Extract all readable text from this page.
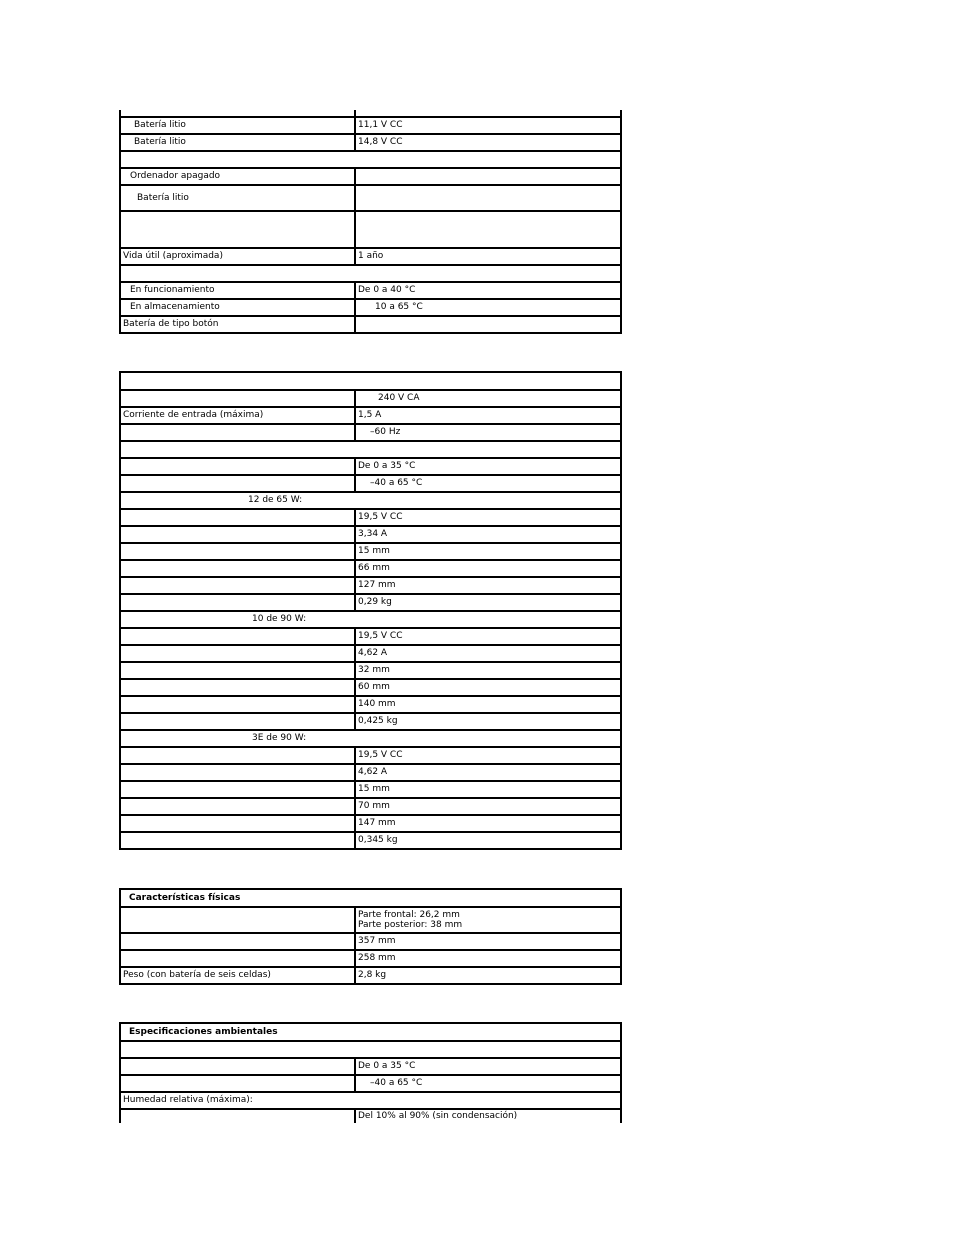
Batería litio	11,1 V CC
Batería litio	14,8 V CC

Ordenador apagado	
Batería litio	

Vida útil (aproximada)	1 año

En funcionamiento	De 0 a 40 °C
En almacenamiento	10 a 65 °C
Batería de tipo botón	

	240 V CA
Corriente de entrada (máxima)	1,5 A
	–60 Hz

	De 0 a 35 °C
	–40 a 65 °C
12 de 65 W:	
	19,5 V CC
	3,34 A
	15 mm
	66 mm
	127 mm
	0,29 kg
10 de 90 W:	
	19,5 V CC
	4,62 A
	32 mm
	60 mm
	140 mm
	0,425 kg
3E de 90 W:	
	19,5 V CC
	4,62 A
	15 mm
	70 mm
	147 mm
	0,345 kg
Características físicas	

	Parte frontal: 26,2 mm
Parte posterior: 38 mm

	357 mm
	258 mm
Peso (con batería de seis celdas)	2,8 kg
Especificaciones ambientales	

	De 0 a 35 °C
	–40 a 65 °C
Humedad relativa (máxima):	
	Del 10% al 90% (sin condensación)
